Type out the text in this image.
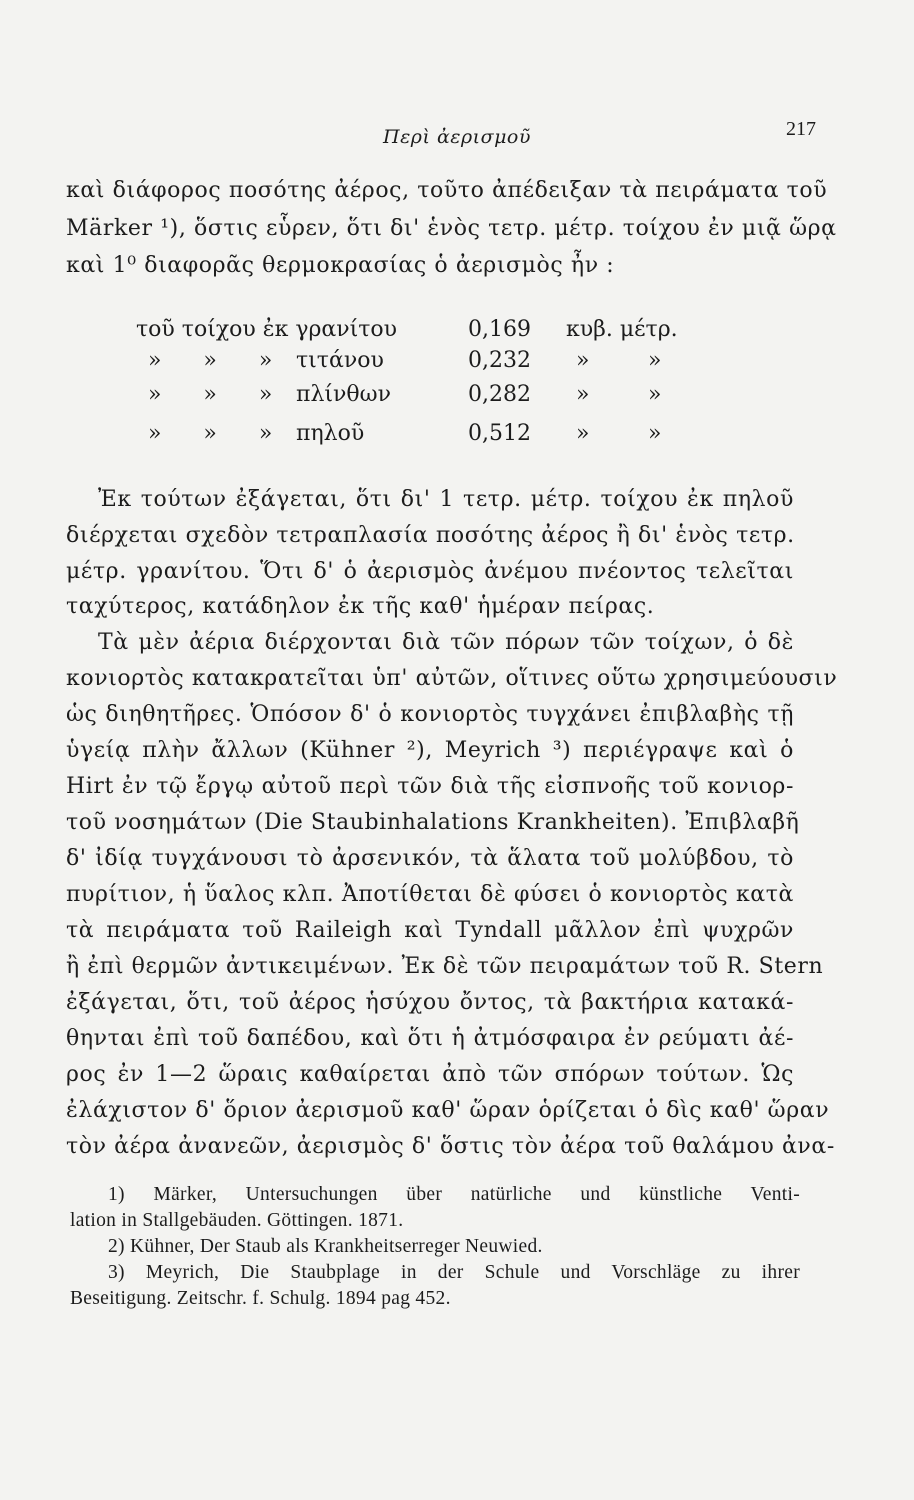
Περὶ ἀερισμοῦ	217
καὶ διάφορος ποσότης ἀέρος, τοῦτο ἀπέδειξαν τὰ πειράματα τοῦ
Märker ¹), ὅστις εὗρεν, ὅτι δι' ἑνὸς τετρ. μέτρ. τοίχου ἐν μιᾷ ὥρᾳ
καὶ 1⁰ διαφορᾶς θερμοκρασίας ὁ ἀερισμὸς ἦν :
τοῦ τοίχου ἐκ γρανίτου	0,169 κυβ. μέτρ.
»      »      » τιτάνου	0,232 »	»
»      »      » πλίνθων	0,282 »	»
»      »      » πηλοῦ	0,512 »	»
Ἐκ τούτων ἐξάγεται, ὅτι δι' 1 τετρ. μέτρ. τοίχου ἐκ πηλοῦ
διέρχεται σχεδὸν τετραπλασία ποσότης ἀέρος ἢ δι' ἑνὸς τετρ.
μέτρ. γρανίτου. Ὅτι δ' ὁ ἀερισμὸς ἀνέμου πνέοντος τελεῖται
ταχύτερος, κατάδηλον ἐκ τῆς καθ' ἡμέραν πείρας.
Τὰ μὲν ἀέρια διέρχονται διὰ τῶν πόρων τῶν τοίχων, ὁ δὲ
κονιορτὸς κατακρατεῖται ὑπ' αὐτῶν, οἵτινες οὕτω χρησιμεύουσιν
ὡς διηθητῆρες. Ὁπόσον δ' ὁ κονιορτὸς τυγχάνει ἐπιβλαβὴς τῇ
ὑγείᾳ πλὴν ἄλλων (Kühner ²), Meyrich ³) περιέγραψε καὶ ὁ
Hirt ἐν τῷ ἔργῳ αὐτοῦ περὶ τῶν διὰ τῆς εἰσπνοῆς τοῦ κονιορ-
τοῦ νοσημάτων (Die Staubinhalations Krankheiten). Ἐπιβλαβῆ
δ' ἰδίᾳ τυγχάνουσι τὸ ἀρσενικόν, τὰ ἅλατα τοῦ μολύβδου, τὸ
πυρίτιον, ἡ ὕαλος κλπ. Ἀποτίθεται δὲ φύσει ὁ κονιορτὸς κατὰ
τὰ πειράματα τοῦ Raileigh καὶ Tyndall μᾶλλον ἐπὶ ψυχρῶν
ἢ ἐπὶ θερμῶν ἀντικειμένων. Ἐκ δὲ τῶν πειραμάτων τοῦ R. Stern
ἐξάγεται, ὅτι, τοῦ ἀέρος ἡσύχου ὄντος, τὰ βακτήρια κατακά-
θηνται ἐπὶ τοῦ δαπέδου, καὶ ὅτι ἡ ἀτμόσφαιρα ἐν ρεύματι ἀέ-
ρος ἐν 1—2 ὥραις καθαίρεται ἀπὸ τῶν σπόρων τούτων. Ὡς
ἐλάχιστον δ' ὅριον ἀερισμοῦ καθ' ὥραν ὁρίζεται ὁ δὶς καθ' ὥραν
τὸν ἀέρα ἀνανεῶν, ἀερισμὸς δ' ὅστις τὸν ἀέρα τοῦ θαλάμου ἀνα-
1) Märker, Untersuchungen über natürliche und künstliche Venti-
lation in Stallgebäuden. Göttingen. 1871.
2) Kühner, Der Staub als Krankheitserreger Neuwied.
3) Meyrich, Die Staubplage in der Schule und Vorschläge zu ihrer
Beseitigung. Zeitschr. f. Schulg. 1894 pag 452.
